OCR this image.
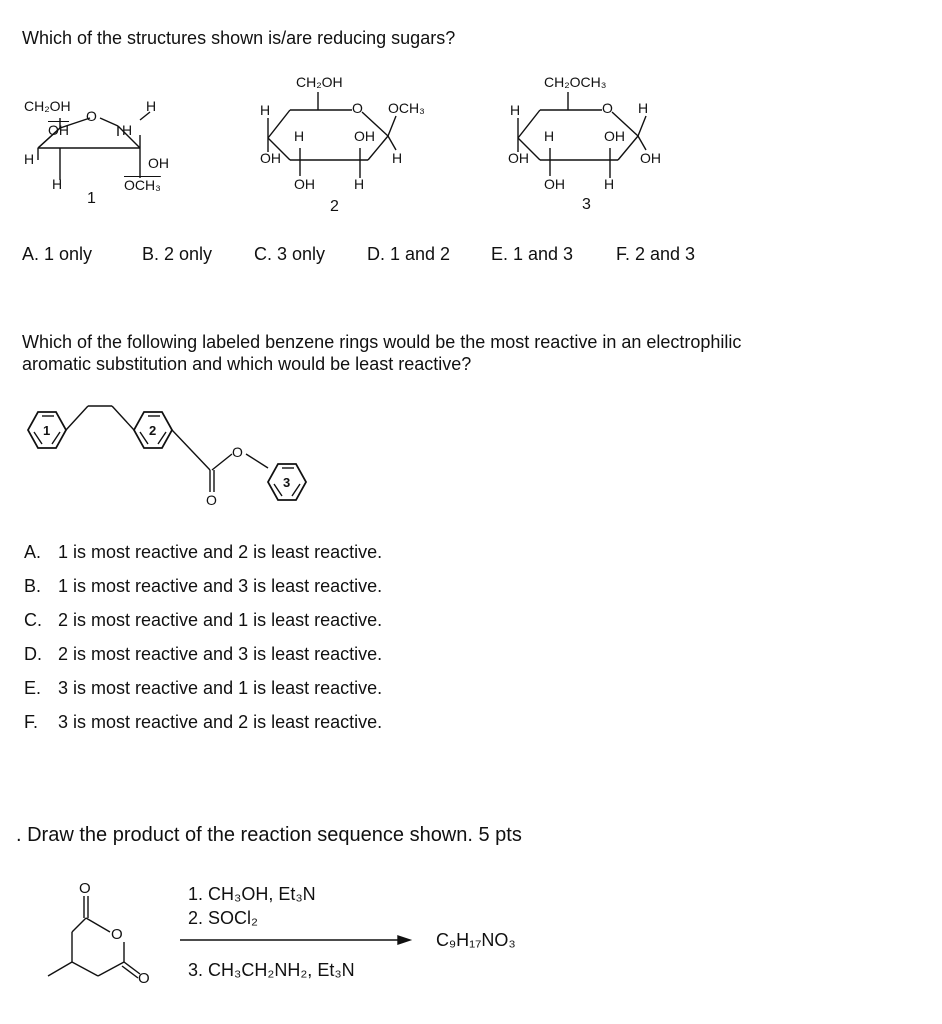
Which of the structures shown is/are reducing sugars?
CH₂OH
O
H
$\overline{OH}$	H
H	OH
H	OCH₃
1
CH₂OH
O OCH₃
H
H	OH
OH	H
OH	H
2
CH₂OCH₃
O H
H
H	OH
OH	OH
OH	H
3
A. 1 only	B. 2 only C. 3 only D. 1 and 2 E. 1 and 3 F. 2 and 3
Which of the following labeled benzene rings would be the most reactive in an electrophilic
aromatic substitution and which would be least reactive?
1	2
3
O
O
A. 1 is most reactive and 2 is least reactive.
B. 1 is most reactive and 3 is least reactive.
C. 2 is most reactive and 1 is least reactive.
D. 2 is most reactive and 3 is least reactive.
E. 3 is most reactive and 1 is least reactive.
F. 3 is most reactive and 2 is least reactive.
. Draw the product of the reaction sequence shown. 5 pts
O
O
O
1. CH₃OH, Et₃N
2. SOCl₂
3. CH₃CH₂NH₂, Et₃N
C₉H₁₇NO₃
